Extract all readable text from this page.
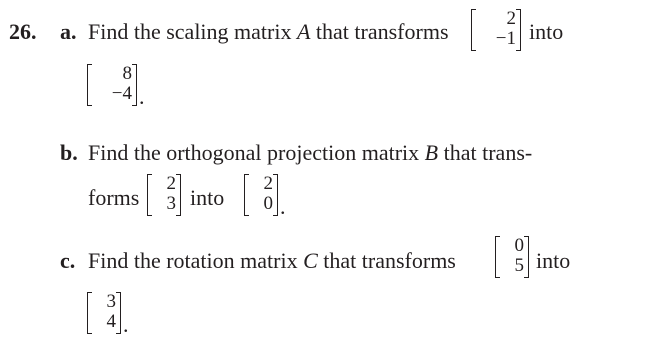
26. a. Find the scaling matrix A that transforms
2
−1 into
8
−4 .
b. Find the orthogonal projection matrix B that trans-
forms
2
3 into
2
0 .
c. Find the rotation matrix C that transforms
0
5 into
3
4 .
